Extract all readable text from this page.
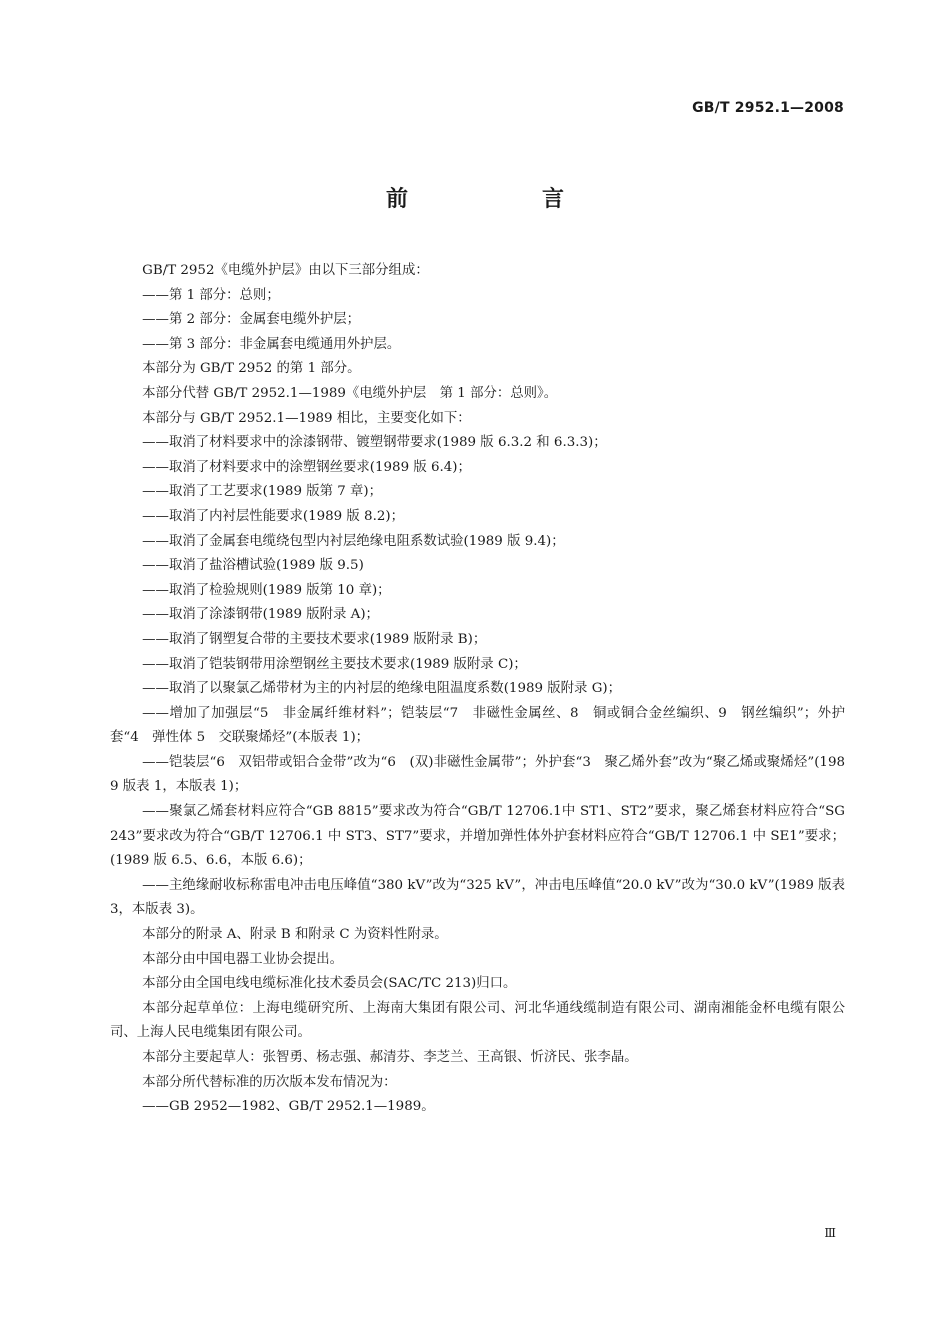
GB/T 2952.1—2008
前　言

GB/T 2952《电缆外护层》由以下三部分组成：

——第 1 部分：总则；

——第 2 部分：金属套电缆外护层；

——第 3 部分：非金属套电缆通用外护层。

本部分为 GB/T 2952 的第 1 部分。

本部分代替 GB/T 2952.1—1989《电缆外护层　第 1 部分：总则》。

本部分与 GB/T 2952.1—1989 相比，主要变化如下：

——取消了材料要求中的涂漆钢带、镀塑钢带要求(1989 版 6.3.2 和 6.3.3)；

——取消了材料要求中的涂塑钢丝要求(1989 版 6.4)；

——取消了工艺要求(1989 版第 7 章)；

——取消了内衬层性能要求(1989 版 8.2)；

——取消了金属套电缆绕包型内衬层绝缘电阻系数试验(1989 版 9.4)；

——取消了盐浴槽试验(1989 版 9.5)

——取消了检验规则(1989 版第 10 章)；

——取消了涂漆钢带(1989 版附录 A)；

——取消了钢塑复合带的主要技术要求(1989 版附录 B)；

——取消了铠装钢带用涂塑钢丝主要技术要求(1989 版附录 C)；

——取消了以聚氯乙烯带材为主的内衬层的绝缘电阻温度系数(1989 版附录 G)；

——增加了加强层“5　非金属纤维材料”；铠装层“7　非磁性金属丝、8　铜或铜合金丝编织、9　钢丝编织”；外护套“4　弹性体 5　交联聚烯烃”(本版表 1)；

——铠装层“6　双铝带或铝合金带”改为“6　(双)非磁性金属带”；外护套“3　聚乙烯外套”改为“聚乙烯或聚烯烃”(1989 版表 1，本版表 1)；

——聚氯乙烯套材料应符合“GB 8815”要求改为符合“GB/T 12706.1中 ST1、ST2”要求，聚乙烯套材料应符合“SG 243”要求改为符合“GB/T 12706.1 中 ST3、ST7”要求，并增加弹性体外护套材料应符合“GB/T 12706.1 中 SE1”要求；(1989 版 6.5、6.6，本版 6.6)；

——主绝缘耐收标称雷电冲击电压峰值“380 kV”改为“325 kV”，冲击电压峰值“20.0 kV”改为“30.0 kV”(1989 版表 3，本版表 3)。

本部分的附录 A、附录 B 和附录 C 为资料性附录。

本部分由中国电器工业协会提出。

本部分由全国电线电缆标准化技术委员会(SAC/TC 213)归口。

本部分起草单位：上海电缆研究所、上海南大集团有限公司、河北华通线缆制造有限公司、湖南湘能金杯电缆有限公司、上海人民电缆集团有限公司。

本部分主要起草人：张智勇、杨志强、郝清芬、李芝兰、王高银、忻济民、张李晶。

本部分所代替标准的历次版本发布情况为：

——GB 2952—1982、GB/T 2952.1—1989。

Ⅲ
